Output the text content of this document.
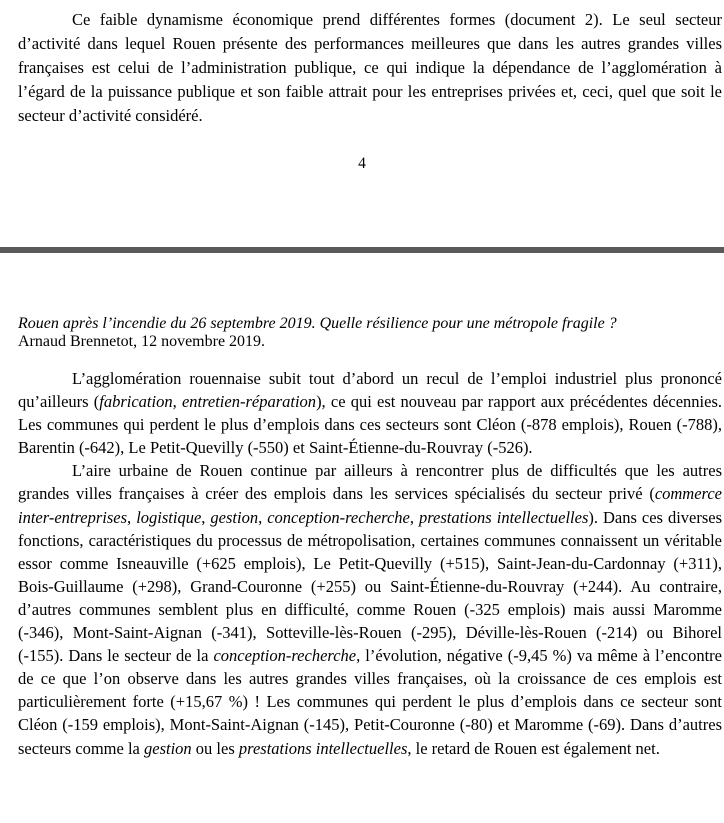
Ce faible dynamisme économique prend différentes formes (document 2). Le seul secteur d’activité dans lequel Rouen présente des performances meilleures que dans les autres grandes villes françaises est celui de l’administration publique, ce qui indique la dépendance de l’agglomération à l’égard de la puissance publique et son faible attrait pour les entreprises privées et, ceci, quel que soit le secteur d’activité considéré.

4

Rouen après l’incendie du 26 septembre 2019. Quelle résilience pour une métropole fragile ?

Arnaud Brennetot, 12 novembre 2019.

L’agglomération rouennaise subit tout d’abord un recul de l’emploi industriel plus prononcé qu’ailleurs (fabrication, entretien-réparation), ce qui est nouveau par rapport aux précédentes décennies. Les communes qui perdent le plus d’emplois dans ces secteurs sont Cléon (-878 emplois), Rouen (-788), Barentin (-642), Le Petit-Quevilly (-550) et Saint-Étienne-du-Rouvray (-526).

L’aire urbaine de Rouen continue par ailleurs à rencontrer plus de difficultés que les autres grandes villes françaises à créer des emplois dans les services spécialisés du secteur privé (commerce inter-entreprises, logistique, gestion, conception-recherche, prestations intellectuelles). Dans ces diverses fonctions, caractéristiques du processus de métropolisation, certaines communes connaissent un véritable essor comme Isneauville (+625 emplois), Le Petit-Quevilly (+515), Saint-Jean-du-Cardonnay (+311), Bois-Guillaume (+298), Grand-Couronne (+255) ou Saint-Étienne-du-Rouvray (+244). Au contraire, d’autres communes semblent plus en difficulté, comme Rouen (-325 emplois) mais aussi Maromme (-346), Mont-Saint-Aignan (-341), Sotteville-lès-Rouen (-295), Déville-lès-Rouen (-214) ou Bihorel (-155). Dans le secteur de la conception-recherche, l’évolution, négative (-9,45 %) va même à l’encontre de ce que l’on observe dans les autres grandes villes françaises, où la croissance de ces emplois est particulièrement forte (+15,67 %) ! Les communes qui perdent le plus d’emplois dans ce secteur sont Cléon (-159 emplois), Mont-Saint-Aignan (-145), Petit-Couronne (-80) et Maromme (-69). Dans d’autres secteurs comme la gestion ou les prestations intellectuelles, le retard de Rouen est également net.
